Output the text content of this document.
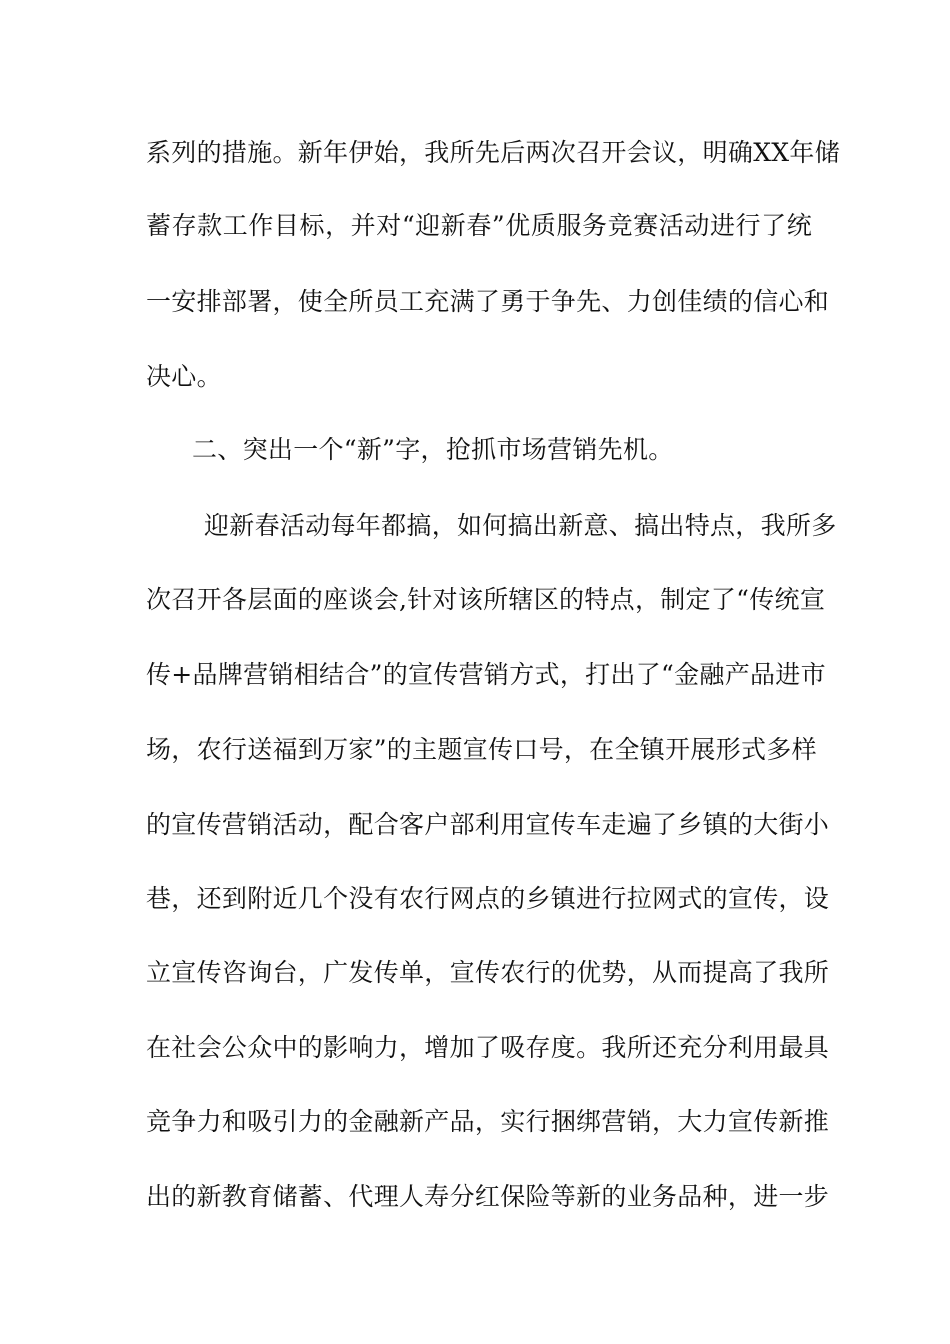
系列的措施。新年伊始，我所先后两次召开会议，明确XX年储
蓄存款工作目标，并对“迎新春”优质服务竞赛活动进行了统
一安排部署，使全所员工充满了勇于争先、力创佳绩的信心和
决心。
二、突出一个“新”字，抢抓市场营销先机。
迎新春活动每年都搞，如何搞出新意、搞出特点，我所多
次召开各层面的座谈会,针对该所辖区的特点，制定了“传统宣
传+品牌营销相结合”的宣传营销方式，打出了“金融产品进市
场，农行送福到万家”的主题宣传口号，在全镇开展形式多样
的宣传营销活动，配合客户部利用宣传车走遍了乡镇的大街小
巷，还到附近几个没有农行网点的乡镇进行拉网式的宣传，设
立宣传咨询台，广发传单，宣传农行的优势，从而提高了我所
在社会公众中的影响力，增加了吸存度。我所还充分利用最具
竞争力和吸引力的金融新产品，实行捆绑营销，大力宣传新推
出的新教育储蓄、代理人寿分红保险等新的业务品种，进一步
